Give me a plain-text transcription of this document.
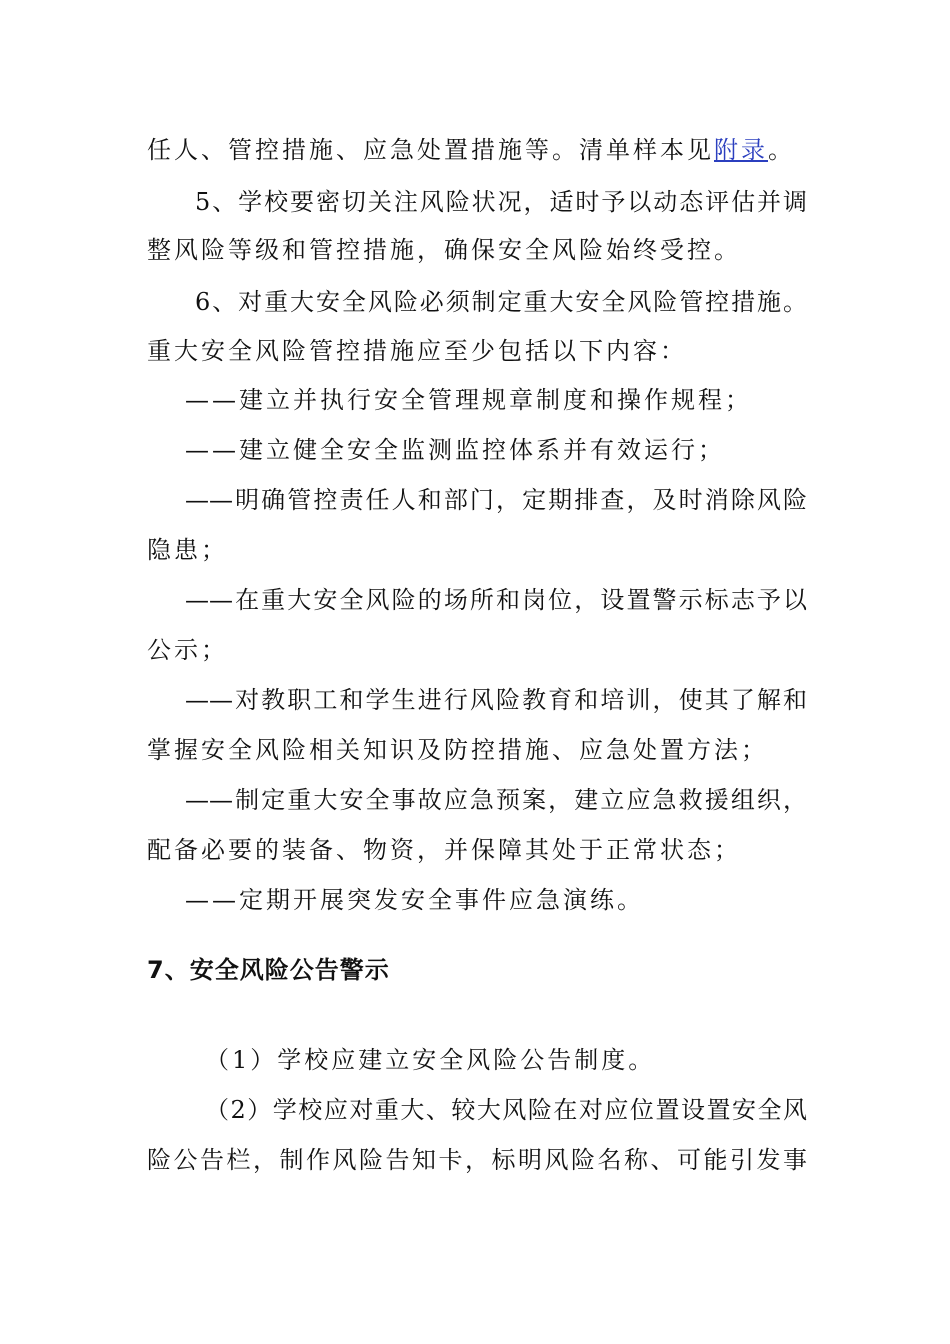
任人、管控措施、应急处置措施等。清单样本见附录。
5、学校要密切关注风险状况，适时予以动态评估并调
整风险等级和管控措施，确保安全风险始终受控。
6、对重大安全风险必须制定重大安全风险管控措施。
重大安全风险管控措施应至少包括以下内容：
——建立并执行安全管理规章制度和操作规程；
——建立健全安全监测监控体系并有效运行；
——明确管控责任人和部门，定期排查，及时消除风险
隐患；
——在重大安全风险的场所和岗位，设置警示标志予以
公示；
——对教职工和学生进行风险教育和培训，使其了解和
掌握安全风险相关知识及防控措施、应急处置方法；
——制定重大安全事故应急预案，建立应急救援组织，
配备必要的装备、物资，并保障其处于正常状态；
——定期开展突发安全事件应急演练。
7、安全风险公告警示
（1）学校应建立安全风险公告制度。
（2）学校应对重大、较大风险在对应位置设置安全风
险公告栏，制作风险告知卡，标明风险名称、可能引发事
